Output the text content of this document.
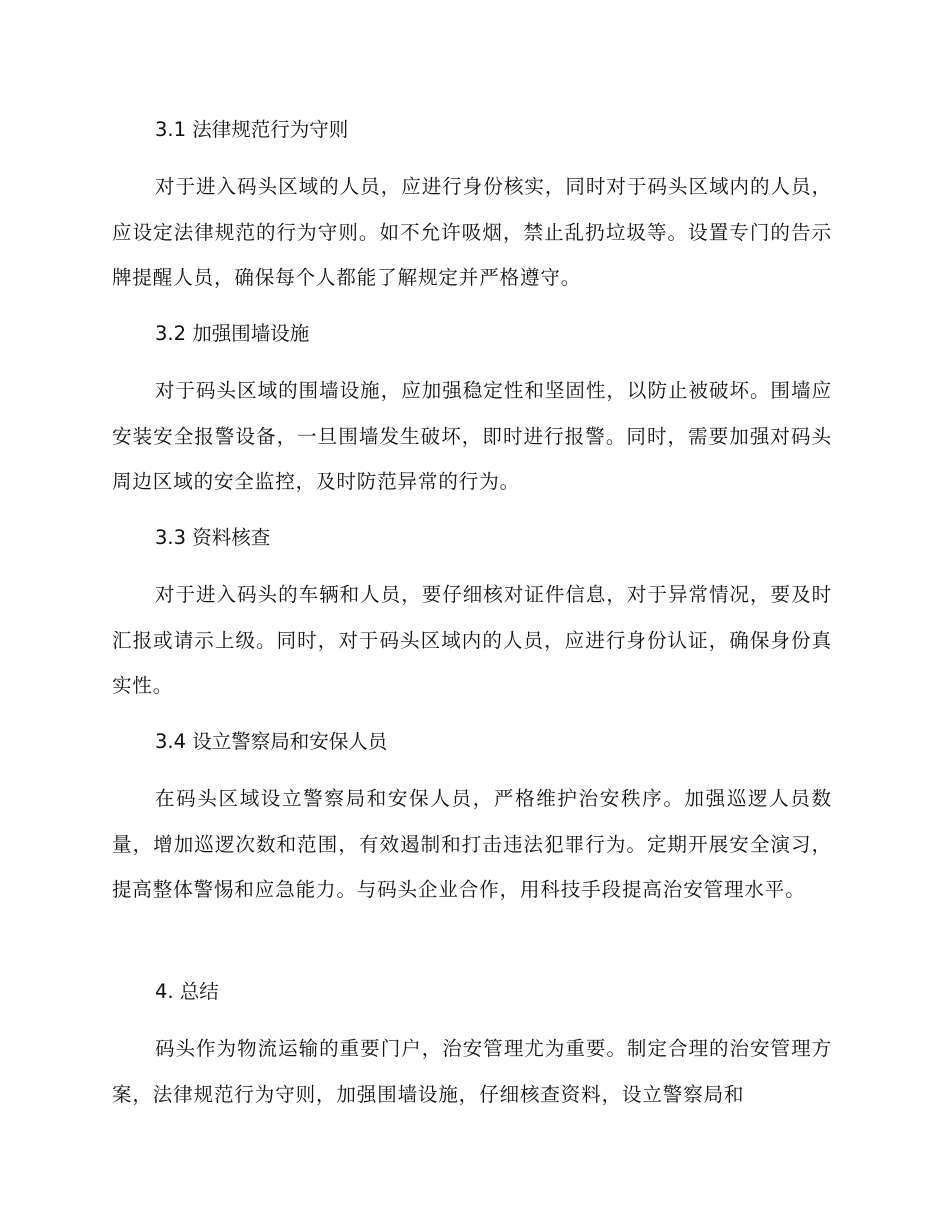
3.1 法律规范行为守则

对于进入码头区域的人员，应进行身份核实，同时对于码头区域内的人员，应设定法律规范的行为守则。如不允许吸烟，禁止乱扔垃圾等。设置专门的告示牌提醒人员，确保每个人都能了解规定并严格遵守。

3.2 加强围墙设施

对于码头区域的围墙设施，应加强稳定性和坚固性，以防止被破坏。围墙应安装安全报警设备，一旦围墙发生破坏，即时进行报警。同时，需要加强对码头周边区域的安全监控，及时防范异常的行为。

3.3 资料核查

对于进入码头的车辆和人员，要仔细核对证件信息，对于异常情况，要及时汇报或请示上级。同时，对于码头区域内的人员，应进行身份认证，确保身份真实性。

3.4 设立警察局和安保人员

在码头区域设立警察局和安保人员，严格维护治安秩序。加强巡逻人员数量，增加巡逻次数和范围，有效遏制和打击违法犯罪行为。定期开展安全演习，提高整体警惕和应急能力。与码头企业合作，用科技手段提高治安管理水平。

4. 总结

码头作为物流运输的重要门户，治安管理尤为重要。制定合理的治安管理方案，法律规范行为守则，加强围墙设施，仔细核查资料，设立警察局和
